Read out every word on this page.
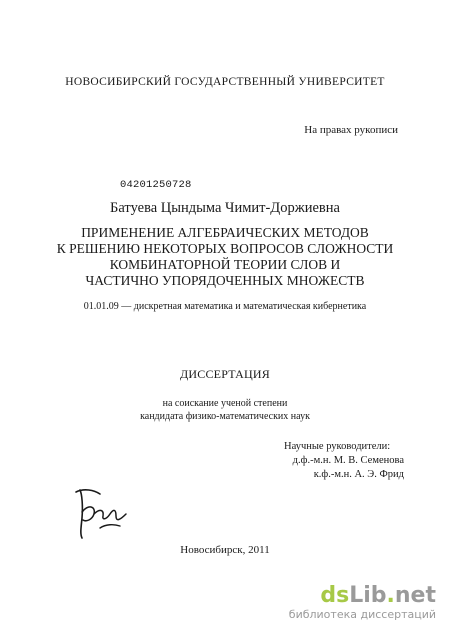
НОВОСИБИРСКИЙ ГОСУДАРСТВЕННЫЙ УНИВЕРСИТЕТ
На правах рукописи
04201250728
Батуева Цындыма Чимит-Доржиевна
ПРИМЕНЕНИЕ АЛГЕБРАИЧЕСКИХ МЕТОДОВ
К РЕШЕНИЮ НЕКОТОРЫХ ВОПРОСОВ СЛОЖНОСТИ
КОМБИНАТОРНОЙ ТЕОРИИ СЛОВ И
ЧАСТИЧНО УПОРЯДОЧЕННЫХ МНОЖЕСТВ
01.01.09 — дискретная математика и математическая кибернетика
ДИССЕРТАЦИЯ
на соискание ученой степени
кандидата физико-математических наук
Научные руководители:
д.ф.-м.н. М. В. Семенова
к.ф.-м.н. А. Э. Фрид
Новосибирск, 2011
dsLib.net
библиотека диссертаций
